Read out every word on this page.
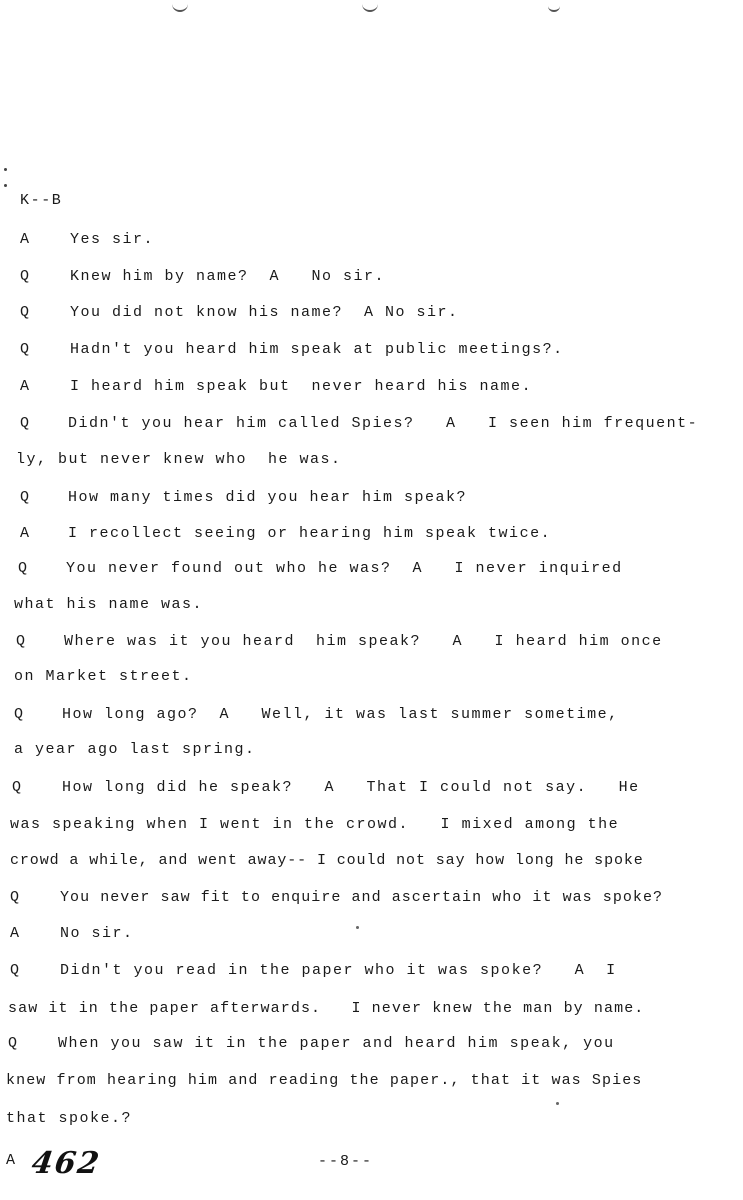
K--B
A	Yes sir.
Q	Knew him by name?  A   No sir.
Q	You did not know his name?  A No sir.
Q	Hadn't you heard him speak at public meetings?.
A	I heard him speak but  never heard his name.
Q	Didn't you hear him called Spies?   A   I seen him frequent-
ly, but never knew who  he was.
Q	How many times did you hear him speak?
A	I recollect seeing or hearing him speak twice.
Q	You never found out who he was?  A   I never inquired
what his name was.
Q	Where was it you heard  him speak?   A   I heard him once
on Market street.
Q	How long ago?  A   Well, it was last summer sometime,
a year ago last spring.
Q	How long did he speak?   A   That I could not say.   He
was speaking when I went in the crowd.   I mixed among the
crowd a while, and went away-- I could not say how long he spoke
Q	You never saw fit to enquire and ascertain who it was spoke?
A	No sir.
Q	Didn't you read in the paper who it was spoke?   A  I
saw it in the paper afterwards.   I never knew the man by name.
Q	When you saw it in the paper and heard him speak, you
knew from hearing him and reading the paper., that it was Spies
that spoke.?
A 462	--8--
